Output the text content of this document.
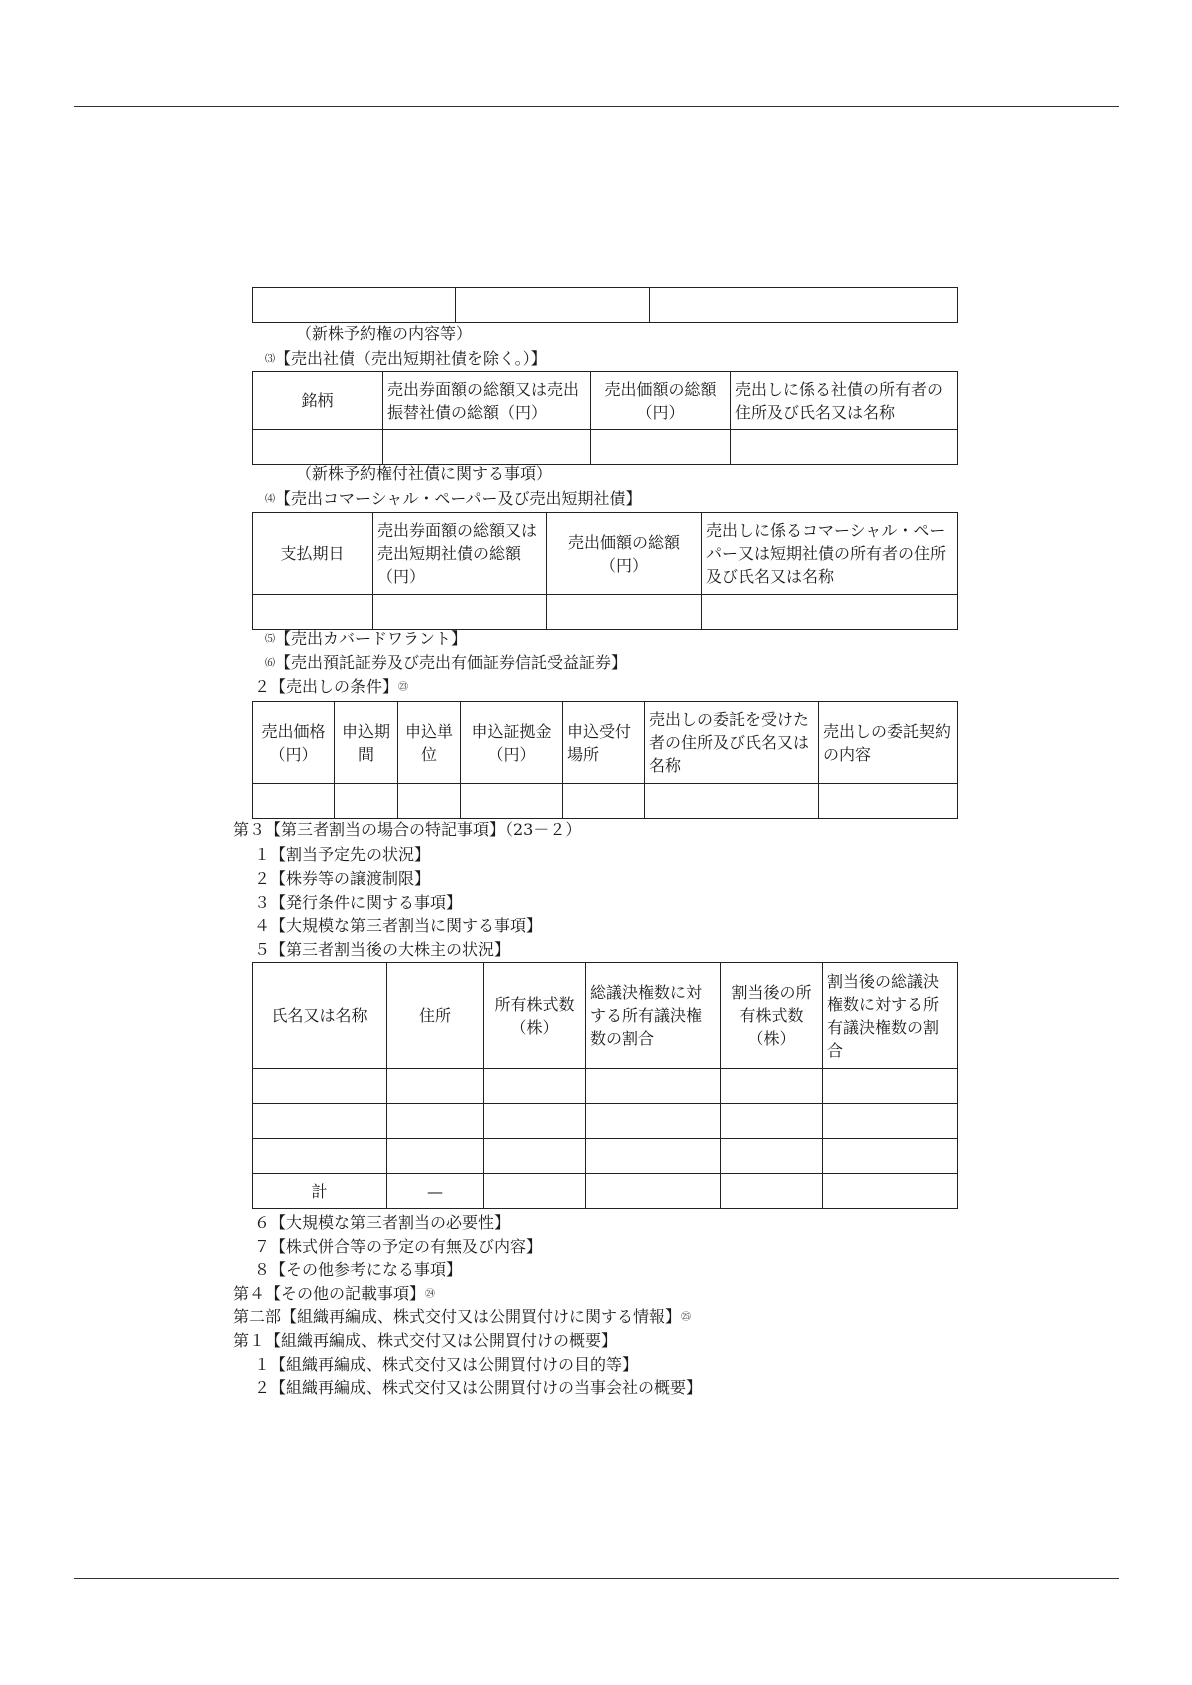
（新株予約権の内容等）
⑶【売出社債（売出短期社債を除く。）】
銘柄	売出券面額の総額又は売出振替社債の総額（円）	売出価額の総額（円）	売出しに係る社債の所有者の住所及び氏名又は名称

（新株予約権付社債に関する事項）
⑷【売出コマーシャル・ペーパー及び売出短期社債】
支払期日	売出券面額の総額又は売出短期社債の総額（円）	売出価額の総額（円）	売出しに係るコマーシャル・ペーパー又は短期社債の所有者の住所及び氏名又は名称

⑸【売出カバードワラント】
⑹【売出預託証券及び売出有価証券信託受益証券】
２【売出しの条件】$^㉓$
売出価格（円）	申込期間	申込単位	申込証拠金（円）	申込受付場所	売出しの委託を受けた者の住所及び氏名又は名称	売出しの委託契約の内容

第３【第三者割当の場合の特記事項】（23－２）
１【割当予定先の状況】
２【株券等の譲渡制限】
３【発行条件に関する事項】
４【大規模な第三者割当に関する事項】
５【第三者割当後の大株主の状況】
氏名又は名称	住所	所有株式数（株）	総議決権数に対する所有議決権数の割合	割当後の所有株式数（株）	割当後の総議決権数に対する所有議決権数の割合

計	—				
６【大規模な第三者割当の必要性】
７【株式併合等の予定の有無及び内容】
８【その他参考になる事項】
第４【その他の記載事項】$^㉔$
第二部【組織再編成、株式交付又は公開買付けに関する情報】$^㉕$
第１【組織再編成、株式交付又は公開買付けの概要】
１【組織再編成、株式交付又は公開買付けの目的等】
２【組織再編成、株式交付又は公開買付けの当事会社の概要】
